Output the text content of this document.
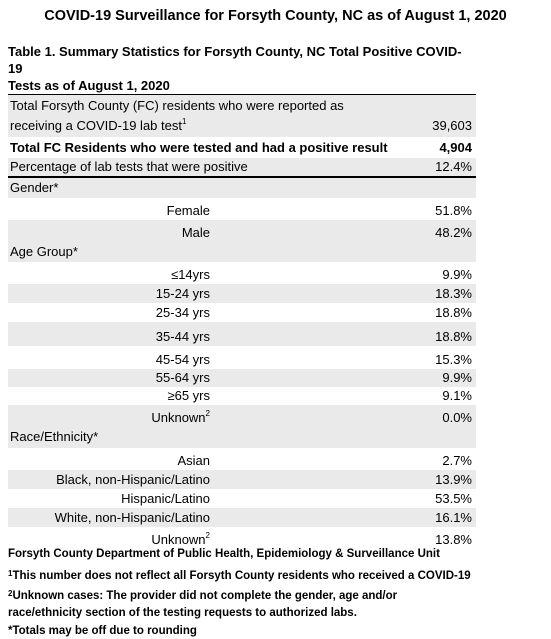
COVID-19 Surveillance for Forsyth County, NC as of August 1, 2020
Table 1. Summary Statistics for Forsyth County, NC Total Positive COVID-19
Tests as of August 1, 2020
Total Forsyth County (FC) residents who were reported as
receiving a COVID-19 lab test$^1$	39,603
Total FC Residents who were tested and had a positive result	4,904
Percentage of lab tests that were positive	12.4%
Gender*
Female	51.8%
Male	48.2%
Age Group*
≤14yrs	9.9%
15-24 yrs	18.3%
25-34 yrs	18.8%
35-44 yrs	18.8%
45-54 yrs	15.3%
55-64 yrs	9.9%
≥65 yrs	9.1%
Unknown$^2$	0.0%
Race/Ethnicity*
Asian	2.7%
Black, non-Hispanic/Latino	13.9%
Hispanic/Latino	53.5%
White, non-Hispanic/Latino	16.1%
Unknown$^2$	13.8%
Forsyth County Department of Public Health, Epidemiology & Surveillance Unit
$^1$This number does not reflect all Forsyth County residents who received a COVID-19
$^2$Unknown cases: The provider did not complete the gender, age and/or
race/ethnicity section of the testing requests to authorized labs.
*Totals may be off due to rounding
